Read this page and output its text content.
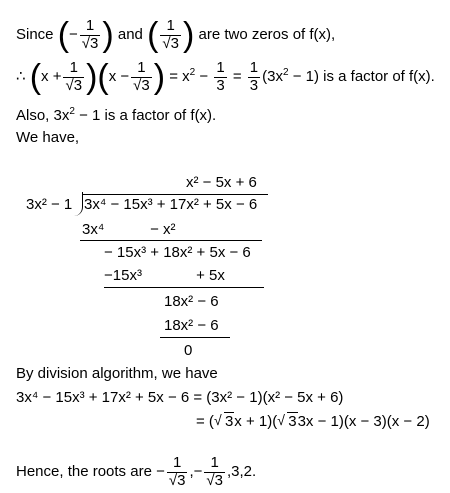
Since (− $\frac{1}{√3}$ ) and ( $\frac{1}{√3}$ ) are two zeros of f(x),
∴ $(x + \frac{1}{√3} )(x - \frac{1}{√3}$ ) = $x^2 - \frac{1}{3} = \frac{1}{3} (3x^2 - 1)$ is a factor of f(x).
Also, $3x^2 - 1$ is a factor of f(x).
We have,
x² − 5x + 6
3x² − 1 3x⁴ − 15x³ + 17x² + 5x − 6
3x⁴           − x²
− 15x³ + 18x² + 5x − 6
−15x³             + 5x
18x² − 6
18x² − 6
0
By division algorithm, we have
3x⁴ − 15x³ + 17x² + 5x − 6 = (3x² − 1)(x² − 5x + 6)
= ( √ 3x + 1)( √ 33x − 1)(x − 3)(x − 2)
Hence, the roots are − $\frac{1}{√3}$ ,− $\frac{1}{√3} ,3,2$.
